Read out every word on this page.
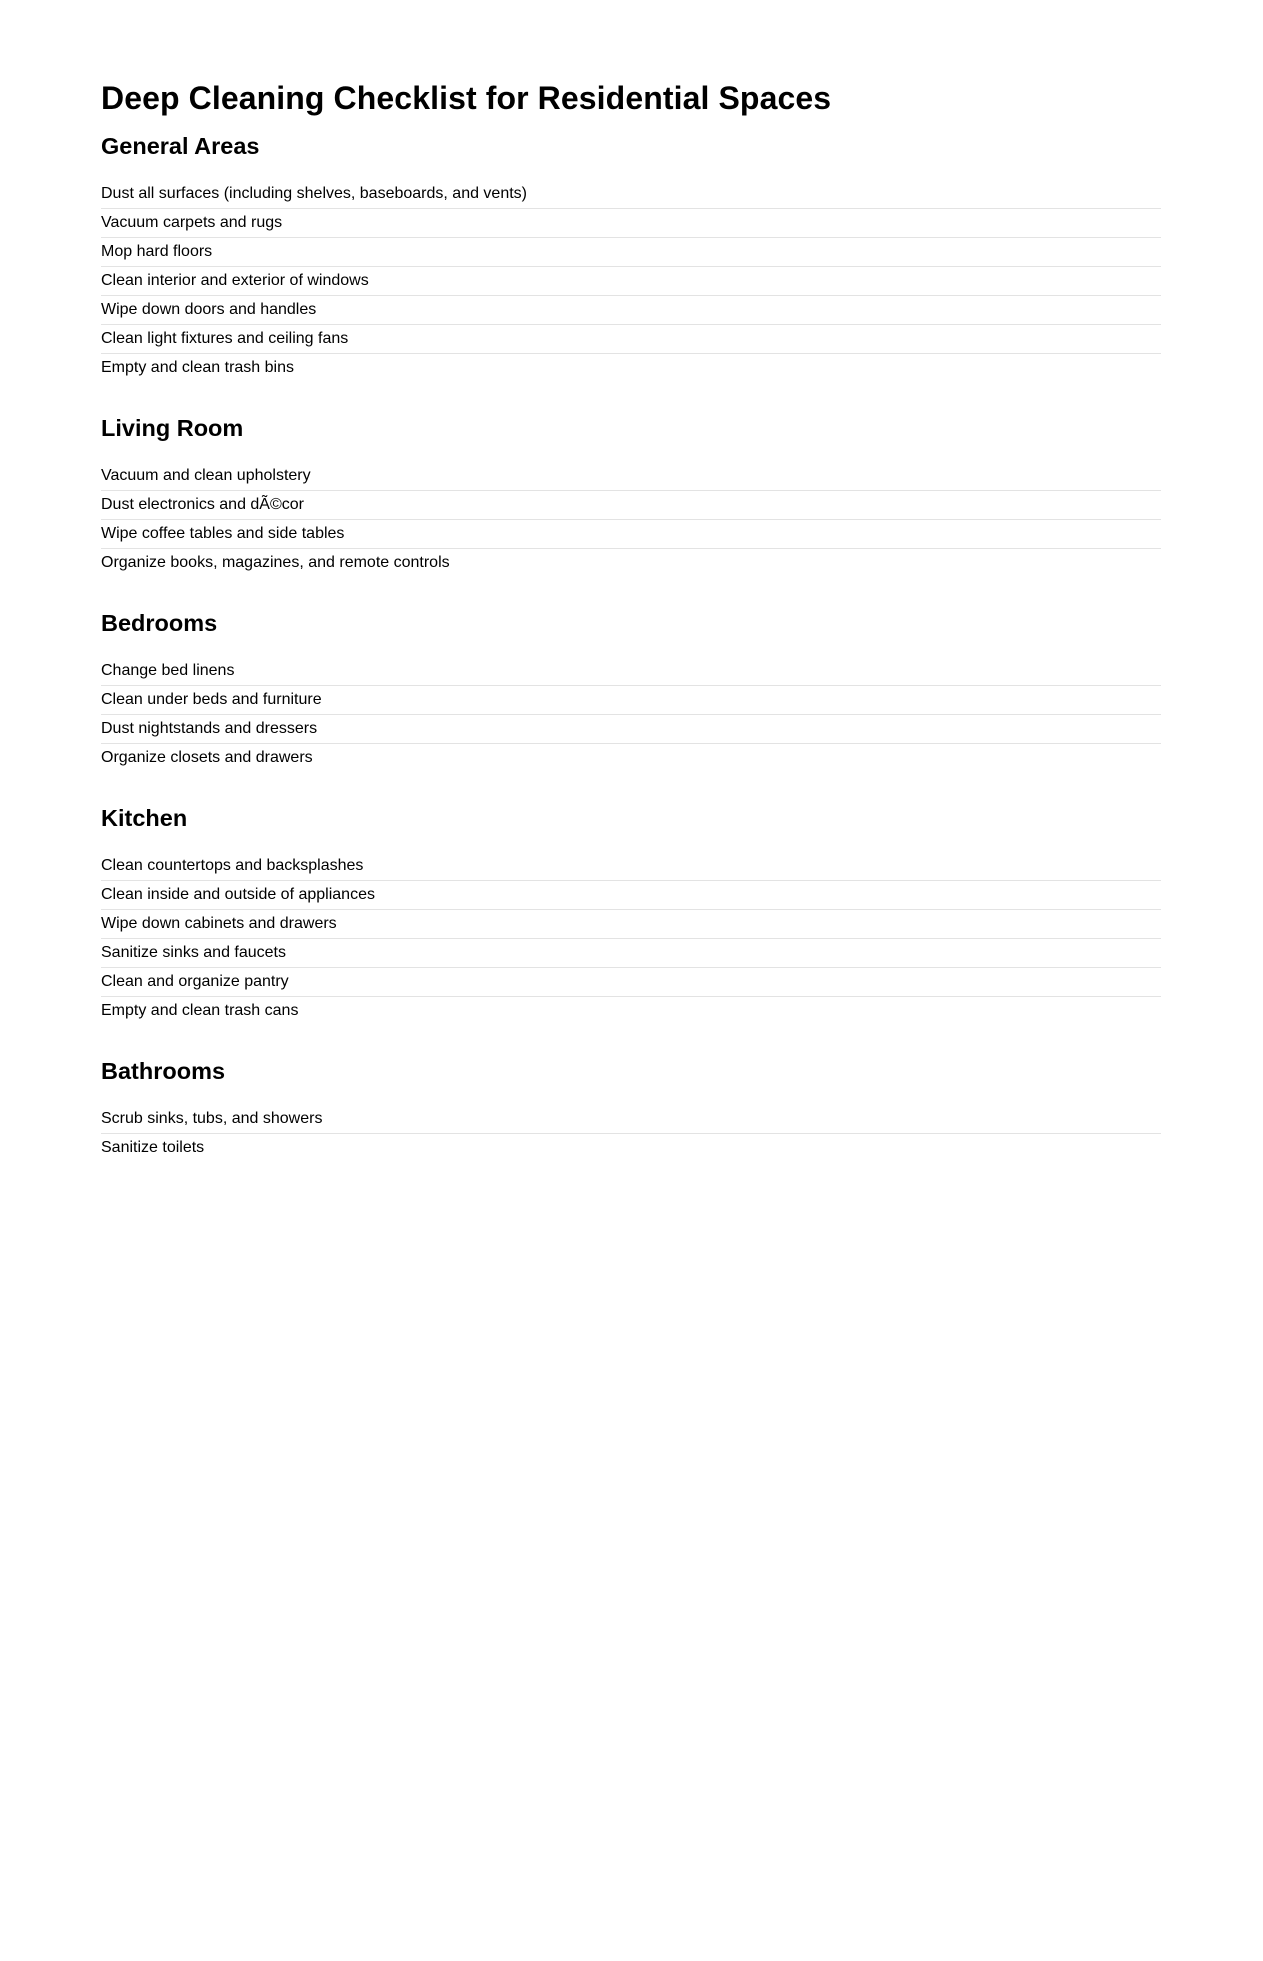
Deep Cleaning Checklist for Residential Spaces
General Areas
Dust all surfaces (including shelves, baseboards, and vents)
Vacuum carpets and rugs
Mop hard floors
Clean interior and exterior of windows
Wipe down doors and handles
Clean light fixtures and ceiling fans
Empty and clean trash bins
Living Room
Vacuum and clean upholstery
Dust electronics and dÃ©cor
Wipe coffee tables and side tables
Organize books, magazines, and remote controls
Bedrooms
Change bed linens
Clean under beds and furniture
Dust nightstands and dressers
Organize closets and drawers
Kitchen
Clean countertops and backsplashes
Clean inside and outside of appliances
Wipe down cabinets and drawers
Sanitize sinks and faucets
Clean and organize pantry
Empty and clean trash cans
Bathrooms
Scrub sinks, tubs, and showers
Sanitize toilets
